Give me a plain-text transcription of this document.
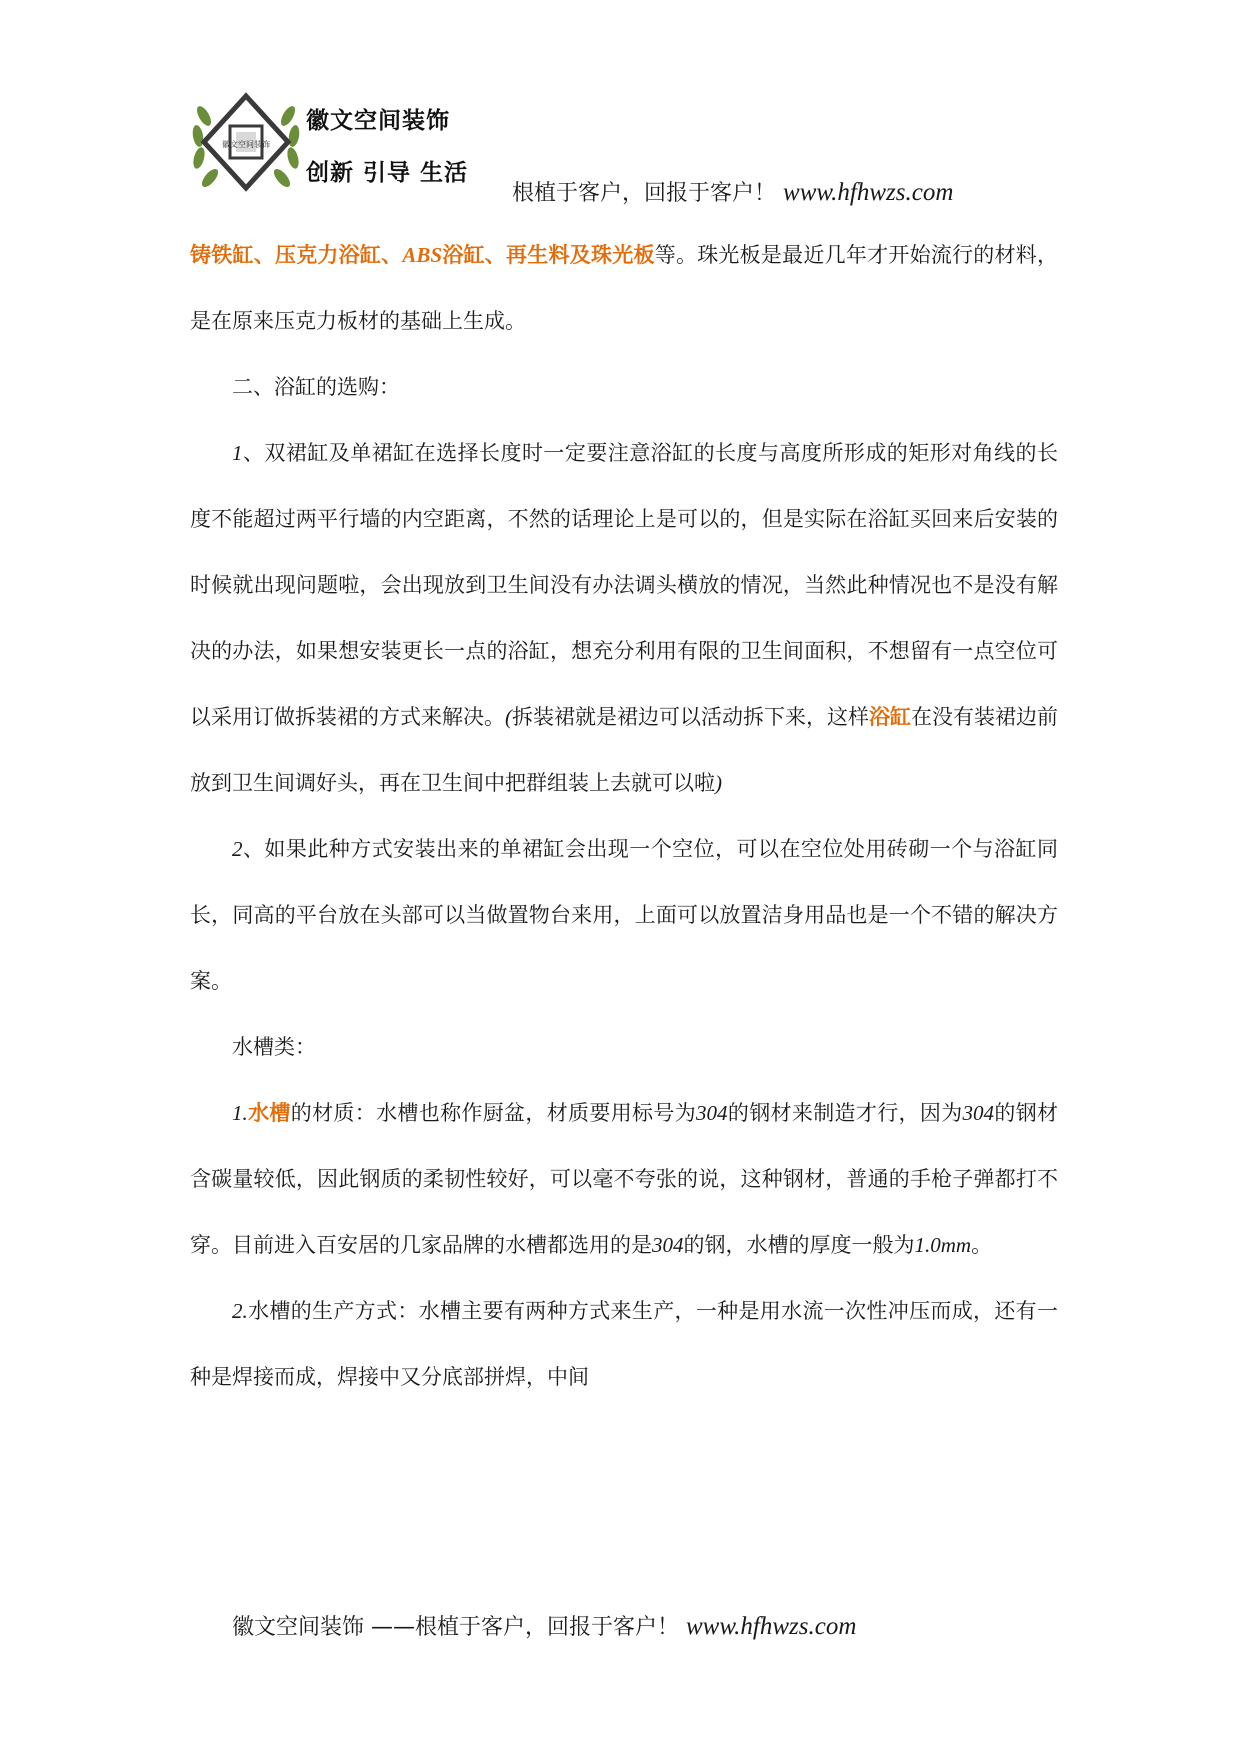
徽文空间装饰
徽文空间装饰
创新 引导 生活
根植于客户，回报于客户！ www.hfhwzs.com

铸铁缸、压克力浴缸、ABS浴缸、再生料及珠光板等。珠光板是最近几年才开始流行的材料，是在原来压克力板材的基础上生成。

二、浴缸的选购：

1、双裙缸及单裙缸在选择长度时一定要注意浴缸的长度与高度所形成的矩形对角线的长度不能超过两平行墙的内空距离，不然的话理论上是可以的，但是实际在浴缸买回来后安装的时候就出现问题啦，会出现放到卫生间没有办法调头横放的情况，当然此种情况也不是没有解决的办法，如果想安装更长一点的浴缸，想充分利用有限的卫生间面积，不想留有一点空位可以采用订做拆装裙的方式来解决。(拆装裙就是裙边可以活动拆下来，这样浴缸在没有装裙边前放到卫生间调好头，再在卫生间中把群组装上去就可以啦)

2、如果此种方式安装出来的单裙缸会出现一个空位，可以在空位处用砖砌一个与浴缸同长，同高的平台放在头部可以当做置物台来用，上面可以放置洁身用品也是一个不错的解决方案。

水槽类：

1.水槽的材质：水槽也称作厨盆，材质要用标号为304的钢材来制造才行，因为304的钢材含碳量较低，因此钢质的柔韧性较好，可以毫不夸张的说，这种钢材，普通的手枪子弹都打不穿。目前进入百安居的几家品牌的水槽都选用的是304的钢，水槽的厚度一般为1.0mm。

2.水槽的生产方式：水槽主要有两种方式来生产，一种是用水流一次性冲压而成，还有一种是焊接而成，焊接中又分底部拼焊，中间

徽文空间装饰 ——根植于客户，回报于客户！ www.hfhwzs.com
